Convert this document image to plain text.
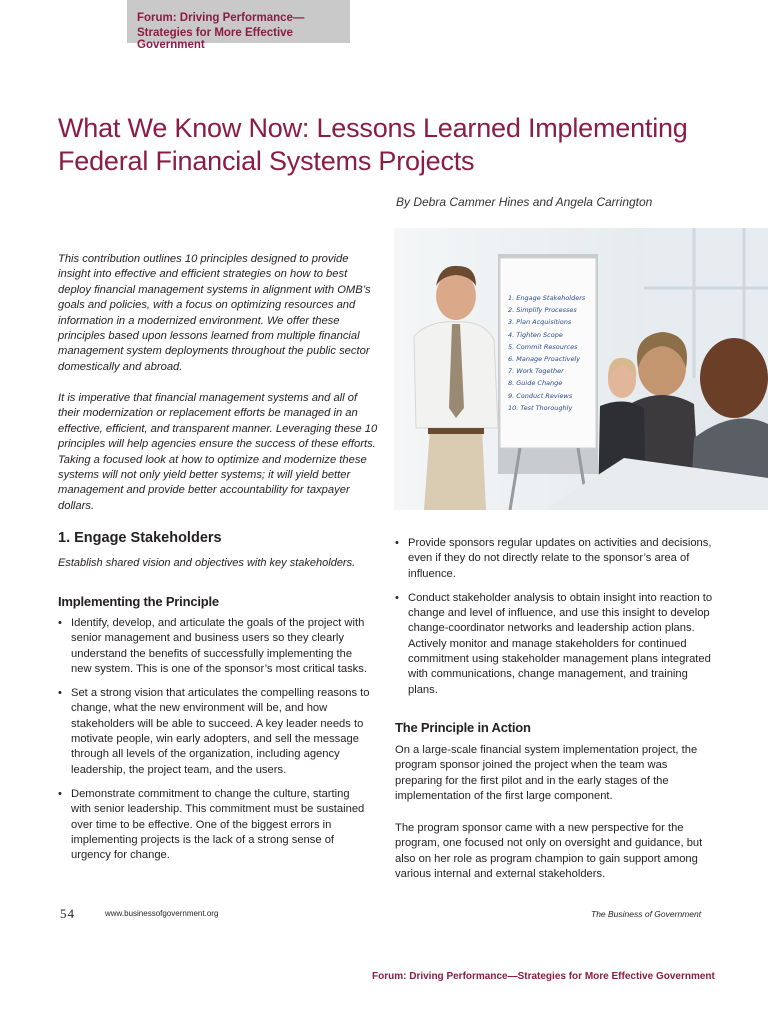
Forum: Driving Performance—
Strategies for More Effective Government
What We Know Now: Lessons Learned Implementing
Federal Financial Systems Projects
By Debra Cammer Hines and Angela Carrington

This contribution outlines 10 principles designed to provide insight into effective and efficient strategies on how to best deploy financial management systems in alignment with OMB’s goals and policies, with a focus on optimizing resources and information in a modernized environment. We offer these principles based upon lessons learned from multiple financial management system deployments throughout the public sector domestically and abroad.

It is imperative that financial management systems and all of their modernization or replacement efforts be managed in an effective, efficient, and transparent manner. Leveraging these 10 principles will help agencies ensure the success of these efforts. Taking a focused look at how to optimize and modernize these systems will not only yield better systems; it will yield better management and provide better accountability for taxpayer dollars.

1. Engage Stakeholders
2. Simplify Processes
3. Plan Acquisitions
4. Tighten Scope
5. Commit Resources
6. Manage Proactively
7. Work Together
8. Guide Change
9. Conduct Reviews
10. Test Thoroughly
1. Engage Stakeholders

Establish shared vision and objectives with key stakeholders.

Implementing the Principle
• Identify, develop, and articulate the goals of the project with senior management and business users so they clearly understand the benefits of successfully implementing the new system. This is one of the sponsor’s most critical tasks.
• Set a strong vision that articulates the compelling reasons to change, what the new environment will be, and how stakeholders will be able to succeed. A key leader needs to motivate people, win early adopters, and sell the message through all levels of the organization, including agency leadership, the project team, and the users.
• Demonstrate commitment to change the culture, starting with senior leadership. This commitment must be sustained over time to be effective. One of the biggest errors in implementing projects is the lack of a strong sense of urgency for change.
• Provide sponsors regular updates on activities and decisions, even if they do not directly relate to the sponsor’s area of influence.
• Conduct stakeholder analysis to obtain insight into reaction to change and level of influence, and use this insight to develop change-coordinator networks and leadership action plans. Actively monitor and manage stakeholders for continued commitment using stakeholder management plans integrated with communications, change management, and training plans.
The Principle in Action

On a large-scale financial system implementation project, the program sponsor joined the project when the team was preparing for the first pilot and in the early stages of the implementation of the first large component.

The program sponsor came with a new perspective for the program, one focused not only on oversight and guidance, but also on her role as program champion to gain support among various internal and external stakeholders.

54	www.businessofgovernment.org	The Business of Government
Forum: Driving Performance—Strategies for More Effective Government
